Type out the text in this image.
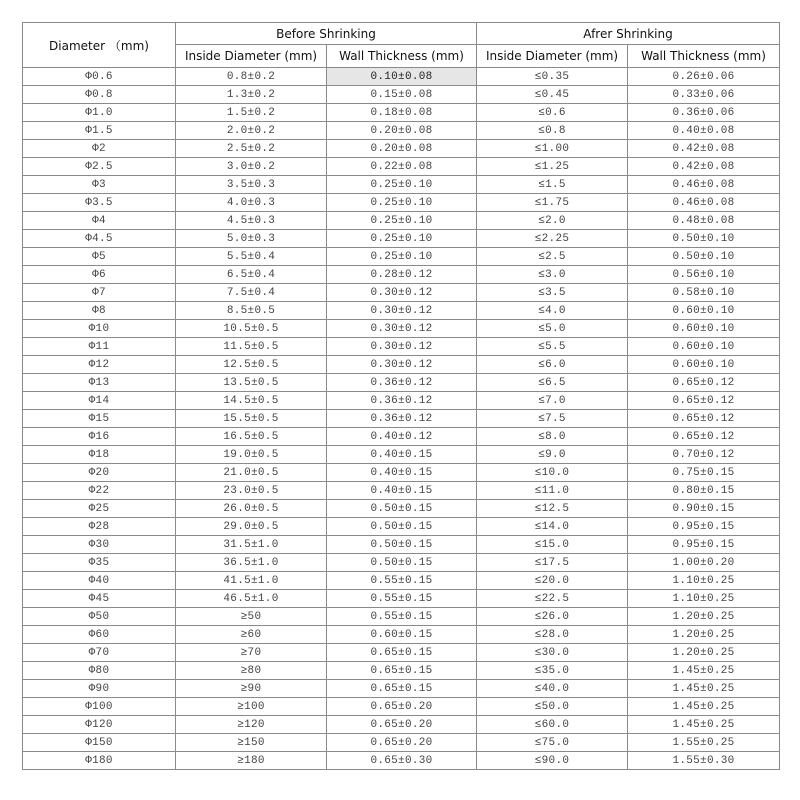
Diameter （mm)	Before Shrinking		Afrer Shrinking	
	Inside Diameter (mm)	Wall Thickness (mm)	Inside Diameter (mm)	Wall Thickness (mm)
Φ0.6	0.8±0.2	0.10±0.08	≤0.35	0.26±0.06
Φ0.8	1.3±0.2	0.15±0.08	≤0.45	0.33±0.06
Φ1.0	1.5±0.2	0.18±0.08	≤0.6	0.36±0.06
Φ1.5	2.0±0.2	0.20±0.08	≤0.8	0.40±0.08
Φ2	2.5±0.2	0.20±0.08	≤1.00	0.42±0.08
Φ2.5	3.0±0.2	0.22±0.08	≤1.25	0.42±0.08
Φ3	3.5±0.3	0.25±0.10	≤1.5	0.46±0.08
Φ3.5	4.0±0.3	0.25±0.10	≤1.75	0.46±0.08
Φ4	4.5±0.3	0.25±0.10	≤2.0	0.48±0.08
Φ4.5	5.0±0.3	0.25±0.10	≤2.25	0.50±0.10
Φ5	5.5±0.4	0.25±0.10	≤2.5	0.50±0.10
Φ6	6.5±0.4	0.28±0.12	≤3.0	0.56±0.10
Φ7	7.5±0.4	0.30±0.12	≤3.5	0.58±0.10
Φ8	8.5±0.5	0.30±0.12	≤4.0	0.60±0.10
Φ10	10.5±0.5	0.30±0.12	≤5.0	0.60±0.10
Φ11	11.5±0.5	0.30±0.12	≤5.5	0.60±0.10
Φ12	12.5±0.5	0.30±0.12	≤6.0	0.60±0.10
Φ13	13.5±0.5	0.36±0.12	≤6.5	0.65±0.12
Φ14	14.5±0.5	0.36±0.12	≤7.0	0.65±0.12
Φ15	15.5±0.5	0.36±0.12	≤7.5	0.65±0.12
Φ16	16.5±0.5	0.40±0.12	≤8.0	0.65±0.12
Φ18	19.0±0.5	0.40±0.15	≤9.0	0.70±0.12
Φ20	21.0±0.5	0.40±0.15	≤10.0	0.75±0.15
Φ22	23.0±0.5	0.40±0.15	≤11.0	0.80±0.15
Φ25	26.0±0.5	0.50±0.15	≤12.5	0.90±0.15
Φ28	29.0±0.5	0.50±0.15	≤14.0	0.95±0.15
Φ30	31.5±1.0	0.50±0.15	≤15.0	0.95±0.15
Φ35	36.5±1.0	0.50±0.15	≤17.5	1.00±0.20
Φ40	41.5±1.0	0.55±0.15	≤20.0	1.10±0.25
Φ45	46.5±1.0	0.55±0.15	≤22.5	1.10±0.25
Φ50	≥50	0.55±0.15	≤26.0	1.20±0.25
Φ60	≥60	0.60±0.15	≤28.0	1.20±0.25
Φ70	≥70	0.65±0.15	≤30.0	1.20±0.25
Φ80	≥80	0.65±0.15	≤35.0	1.45±0.25
Φ90	≥90	0.65±0.15	≤40.0	1.45±0.25
Φ100	≥100	0.65±0.20	≤50.0	1.45±0.25
Φ120	≥120	0.65±0.20	≤60.0	1.45±0.25
Φ150	≥150	0.65±0.20	≤75.0	1.55±0.25
Φ180	≥180	0.65±0.30	≤90.0	1.55±0.30
